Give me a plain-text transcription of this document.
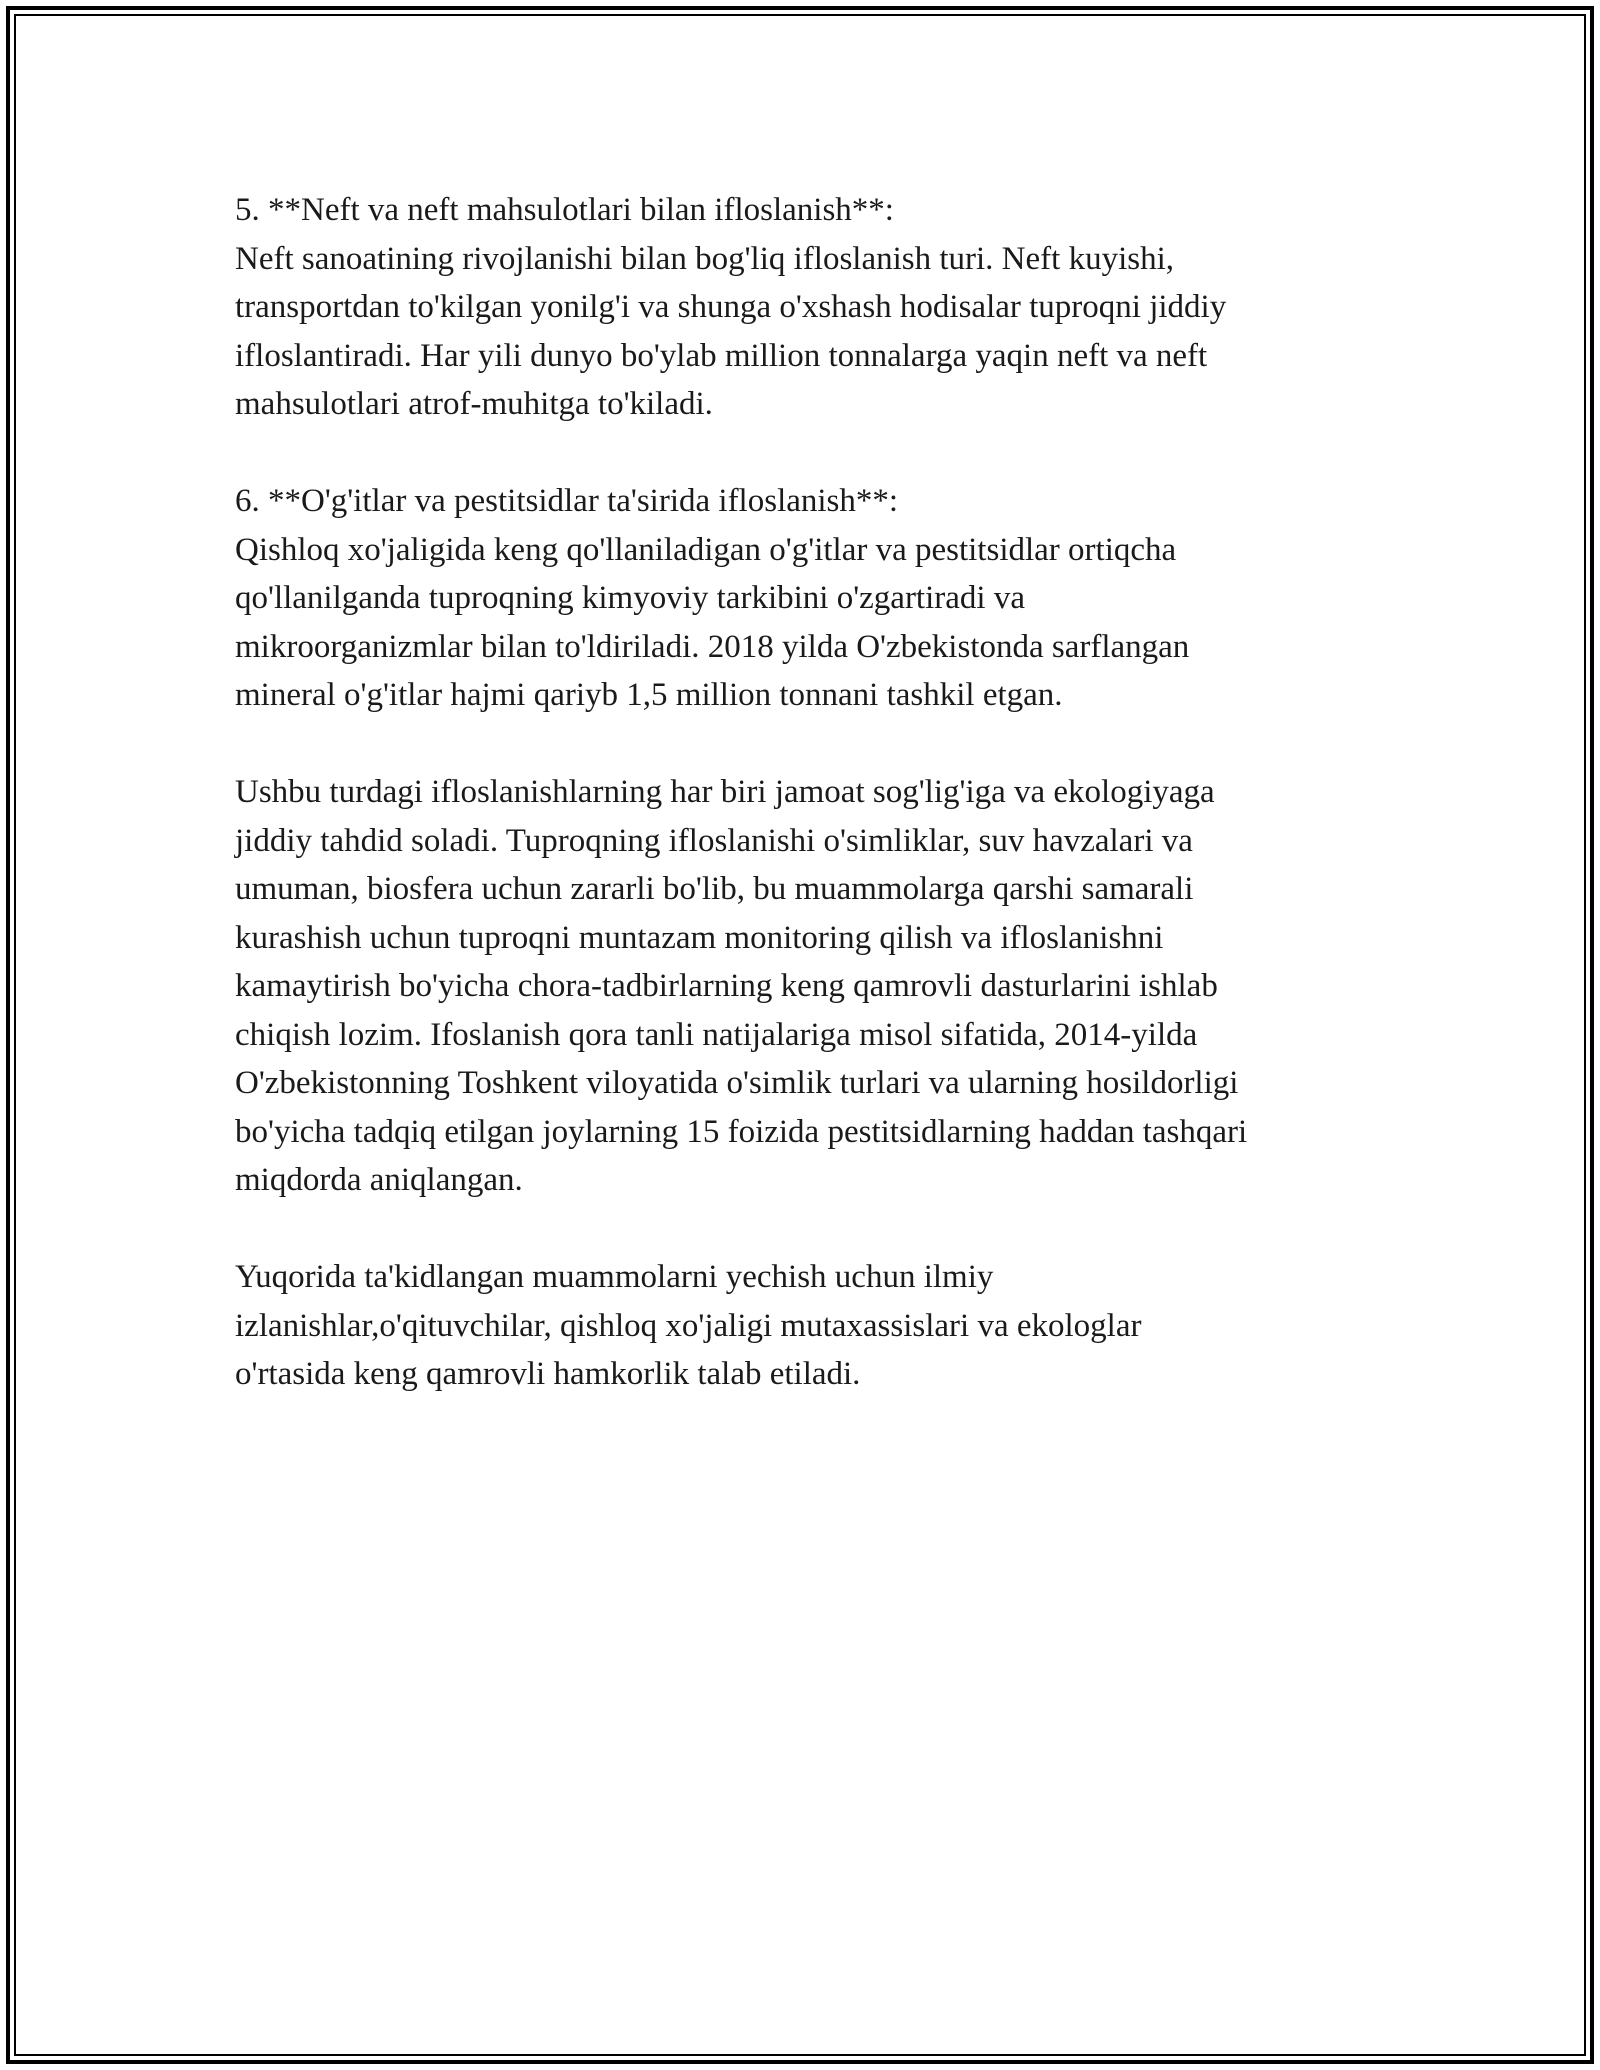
5. **Neft va neft mahsulotlari bilan ifloslanish**:
Neft sanoatining rivojlanishi bilan bog'liq ifloslanish turi. Neft kuyishi,
transportdan to'kilgan yonilg'i va shunga o'xshash hodisalar tuproqni jiddiy
ifloslantiradi. Har yili dunyo bo'ylab million tonnalarga yaqin neft va neft
mahsulotlari atrof-muhitga to'kiladi.
6. **O'g'itlar va pestitsidlar ta'sirida ifloslanish**:
Qishloq xo'jaligida keng qo'llaniladigan o'g'itlar va pestitsidlar ortiqcha
qo'llanilganda tuproqning kimyoviy tarkibini o'zgartiradi va
mikroorganizmlar bilan to'ldiriladi. 2018 yilda O'zbekistonda sarflangan
mineral o'g'itlar hajmi qariyb 1,5 million tonnani tashkil etgan.
Ushbu turdagi ifloslanishlarning har biri jamoat sog'lig'iga va ekologiyaga
jiddiy tahdid soladi. Tuproqning ifloslanishi o'simliklar, suv havzalari va
umuman, biosfera uchun zararli bo'lib, bu muammolarga qarshi samarali
kurashish uchun tuproqni muntazam monitoring qilish va ifloslanishni
kamaytirish bo'yicha chora-tadbirlarning keng qamrovli dasturlarini ishlab
chiqish lozim. Ifoslanish qora tanli natijalariga misol sifatida, 2014-yilda
O'zbekistonning Toshkent viloyatida o'simlik turlari va ularning hosildorligi
bo'yicha tadqiq etilgan joylarning 15 foizida pestitsidlarning haddan tashqari
miqdorda aniqlangan.
Yuqorida ta'kidlangan muammolarni yechish uchun ilmiy
izlanishlar,o'qituvchilar, qishloq xo'jaligi mutaxassislari va ekologlar
o'rtasida keng qamrovli hamkorlik talab etiladi.
